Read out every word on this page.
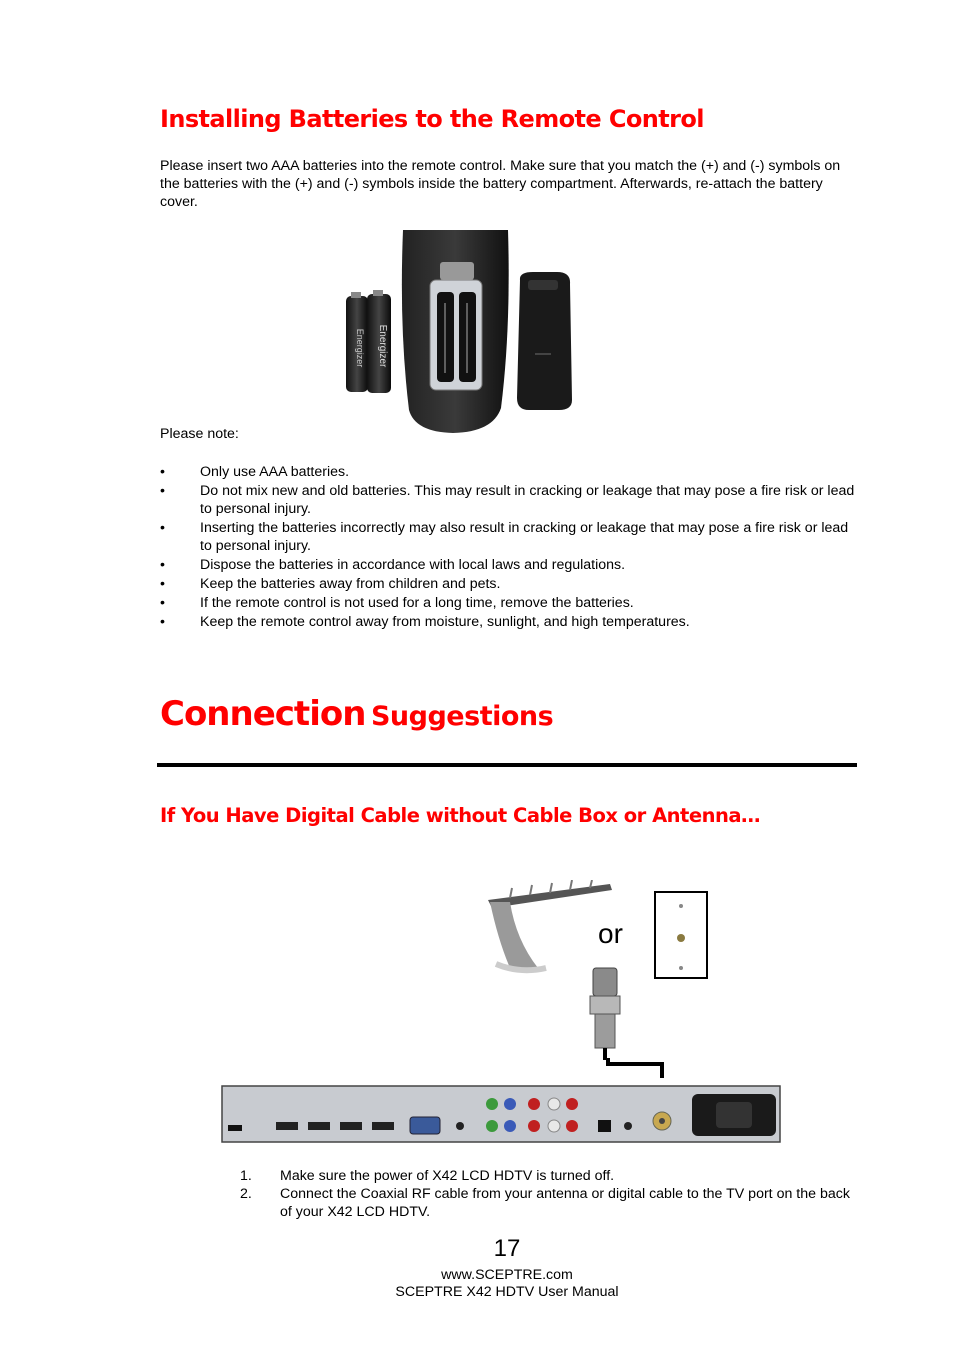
Installing Batteries to the Remote Control
Please insert two AAA batteries into the remote control. Make sure that you match the (+) and (-) symbols on the batteries with the (+) and (-) symbols inside the battery compartment. Afterwards, re-attach the battery cover.
Energizer Energizer
Please note:
• Only use AAA batteries.
• Do not mix new and old batteries. This may result in cracking or leakage that may pose a fire risk or lead to personal injury.
• Inserting the batteries incorrectly may also result in cracking or leakage that may pose a fire risk or lead to personal injury.
• Dispose the batteries in accordance with local laws and regulations.
• Keep the batteries away from children and pets.
• If the remote control is not used for a long time, remove the batteries.
• Keep the remote control away from moisture, sunlight, and high temperatures.
Connection Suggestions
If You Have Digital Cable without Cable Box or Antenna…
or
1. Make sure the power of X42 LCD HDTV is turned off.
2. Connect the Coaxial RF cable from your antenna or digital cable to the TV port on the back of your X42 LCD HDTV.
17
www.SCEPTRE.com
SCEPTRE X42 HDTV User Manual
